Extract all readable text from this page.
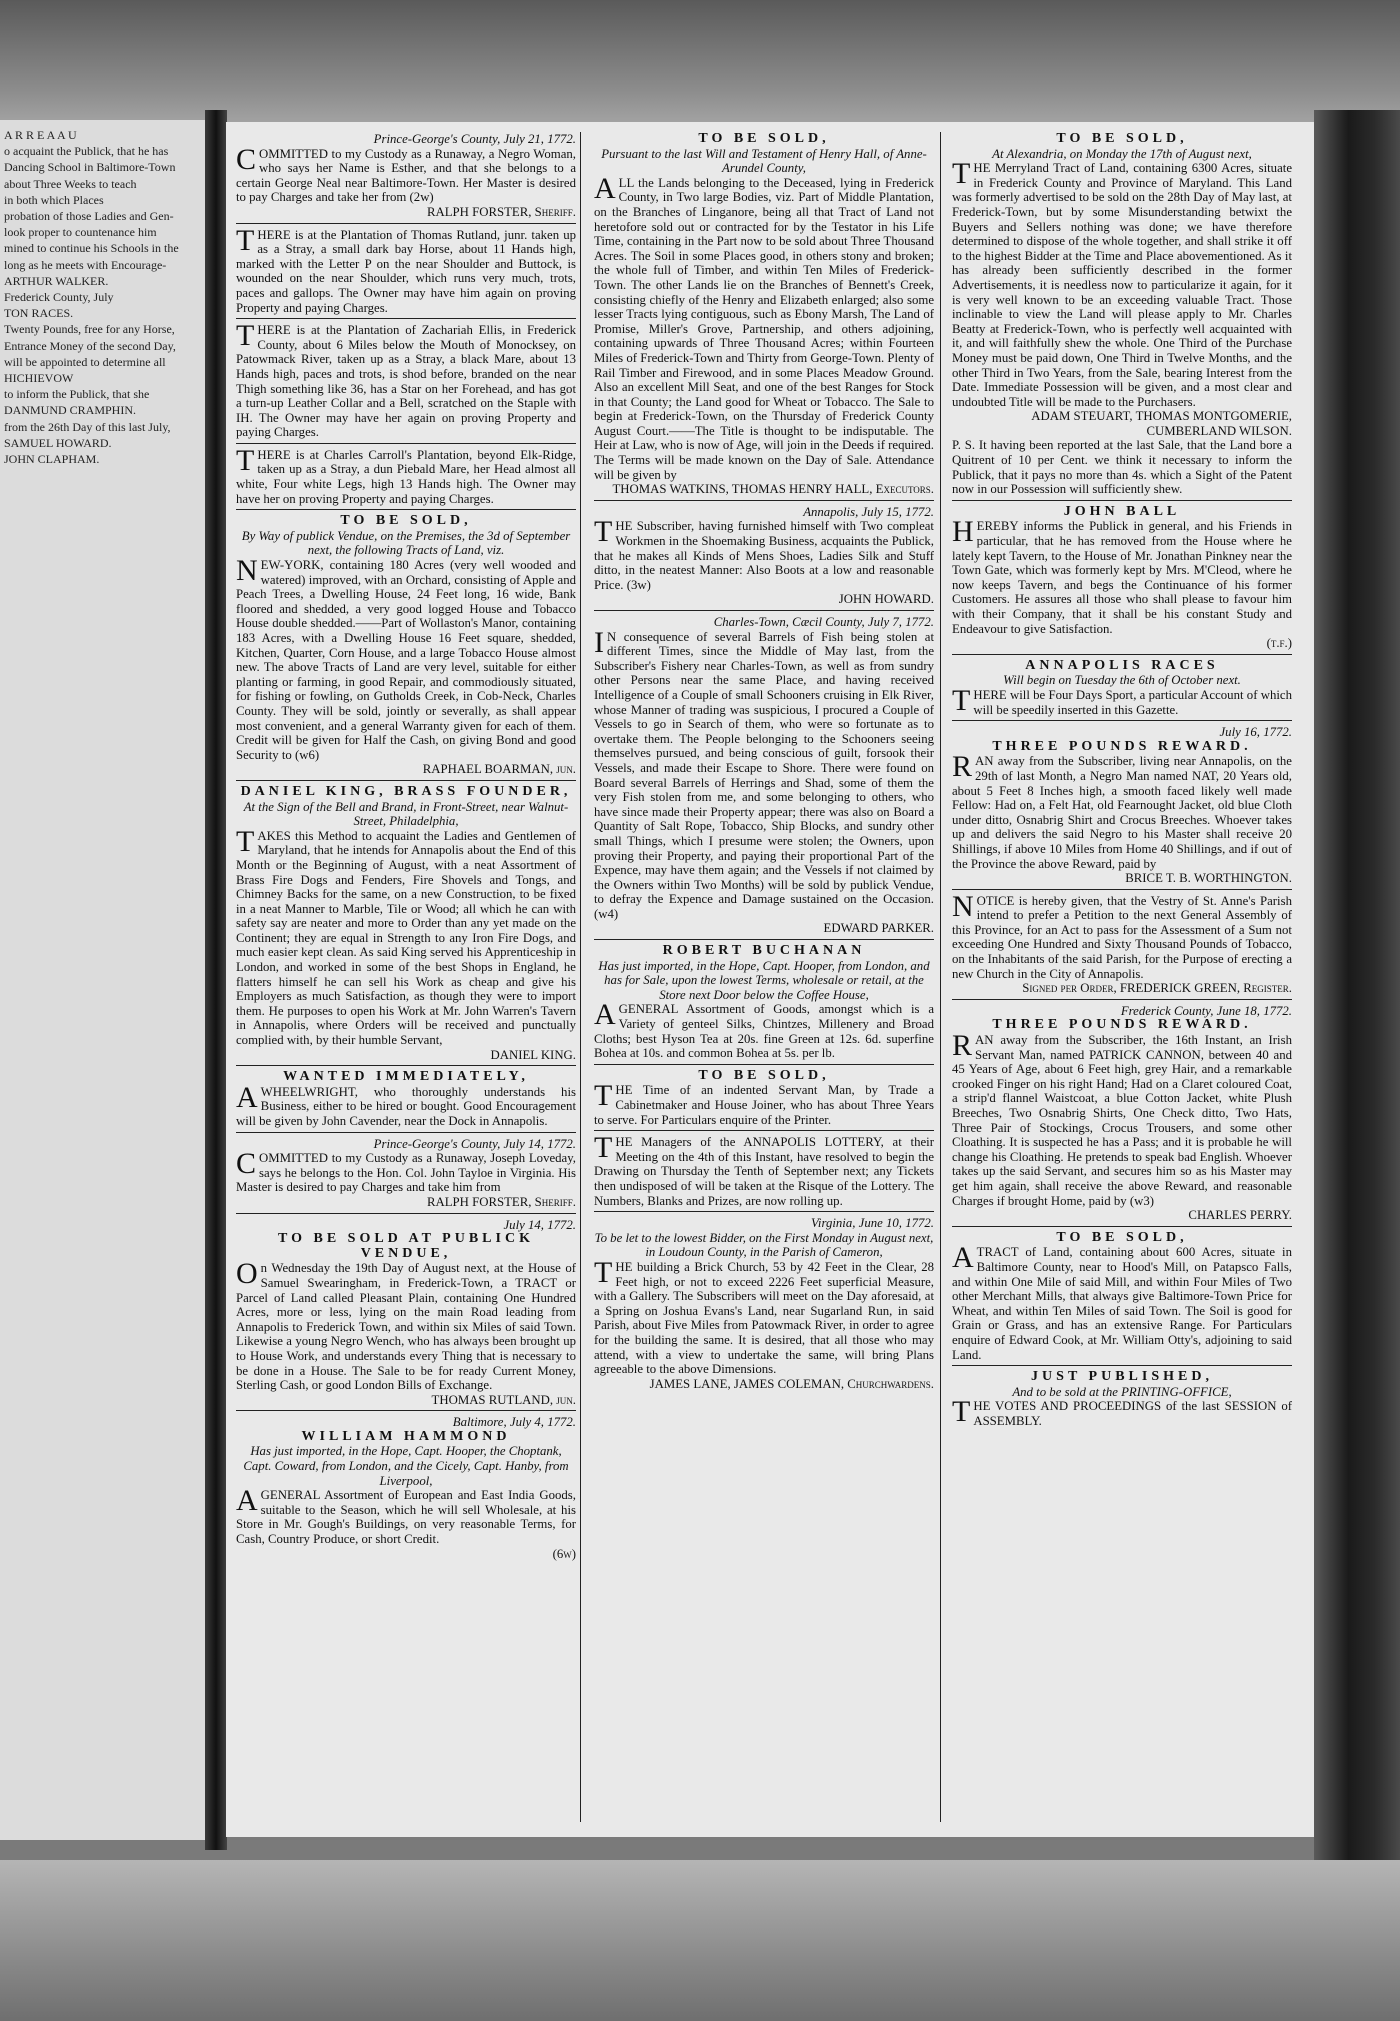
A R R E A A U

o acquaint the Publick, that he has

Dancing School in Baltimore-Town

about Three Weeks to teach

in both which Places

probation of those Ladies and Gen-

look proper to countenance him

mined to continue his Schools in the

long as he meets with Encourage-

ARTHUR WALKER.

Frederick County, July

TON RACES.

Twenty Pounds, free for any Horse,

Entrance Money of the second Day,

will be appointed to determine all

HICHIEVOW

to inform the Publick, that she

DANMUND CRAMPHIN.

from the 26th Day of this last July,

SAMUEL HOWARD.

JOHN CLAPHAM.

Prince-George's County, July 21, 1772.

COMMITTED to my Custody as a Runaway, a Negro Woman, who says her Name is Esther, and that she belongs to a certain George Neal near Baltimore-Town. Her Master is desired to pay Charges and take her from (2w)

RALPH FORSTER, Sheriff.

THERE is at the Plantation of Thomas Rutland, junr. taken up as a Stray, a small dark bay Horse, about 11 Hands high, marked with the Letter P on the near Shoulder and Buttock, is wounded on the near Shoulder, which runs very much, trots, paces and gallops. The Owner may have him again on proving Property and paying Charges.

THERE is at the Plantation of Zachariah Ellis, in Frederick County, about 6 Miles below the Mouth of Monocksey, on Patowmack River, taken up as a Stray, a black Mare, about 13 Hands high, paces and trots, is shod before, branded on the near Thigh something like 36, has a Star on her Forehead, and has got a turn-up Leather Collar and a Bell, scratched on the Staple with IH. The Owner may have her again on proving Property and paying Charges.

THERE is at Charles Carroll's Plantation, beyond Elk-Ridge, taken up as a Stray, a dun Piebald Mare, her Head almost all white, Four white Legs, high 13 Hands high. The Owner may have her on proving Property and paying Charges.

TO BE SOLD,

By Way of publick Vendue, on the Premises, the 3d of September next, the following Tracts of Land, viz.

NEW-YORK, containing 180 Acres (very well wooded and watered) improved, with an Orchard, consisting of Apple and Peach Trees, a Dwelling House, 24 Feet long, 16 wide, Bank floored and shedded, a very good logged House and Tobacco House double shedded.——Part of Wollaston's Manor, containing 183 Acres, with a Dwelling House 16 Feet square, shedded, Kitchen, Quarter, Corn House, and a large Tobacco House almost new. The above Tracts of Land are very level, suitable for either planting or farming, in good Repair, and commodiously situated, for fishing or fowling, on Gutholds Creek, in Cob-Neck, Charles County. They will be sold, jointly or severally, as shall appear most convenient, and a general Warranty given for each of them. Credit will be given for Half the Cash, on giving Bond and good Security to (w6)

RAPHAEL BOARMAN, jun.

DANIEL KING, BRASS FOUNDER,

At the Sign of the Bell and Brand, in Front-Street, near Walnut-Street, Philadelphia,

TAKES this Method to acquaint the Ladies and Gentlemen of Maryland, that he intends for Annapolis about the End of this Month or the Beginning of August, with a neat Assortment of Brass Fire Dogs and Fenders, Fire Shovels and Tongs, and Chimney Backs for the same, on a new Construction, to be fixed in a neat Manner to Marble, Tile or Wood; all which he can with safety say are neater and more to Order than any yet made on the Continent; they are equal in Strength to any Iron Fire Dogs, and much easier kept clean. As said King served his Apprenticeship in London, and worked in some of the best Shops in England, he flatters himself he can sell his Work as cheap and give his Employers as much Satisfaction, as though they were to import them. He purposes to open his Work at Mr. John Warren's Tavern in Annapolis, where Orders will be received and punctually complied with, by their humble Servant,

DANIEL KING.

WANTED IMMEDIATELY,

AWHEELWRIGHT, who thoroughly understands his Business, either to be hired or bought. Good Encouragement will be given by John Cavender, near the Dock in Annapolis.

Prince-George's County, July 14, 1772.

COMMITTED to my Custody as a Runaway, Joseph Loveday, says he belongs to the Hon. Col. John Tayloe in Virginia. His Master is desired to pay Charges and take him from

RALPH FORSTER, Sheriff.

July 14, 1772.

TO BE SOLD AT PUBLICK VENDUE,

On Wednesday the 19th Day of August next, at the House of Samuel Swearingham, in Frederick-Town, a TRACT or Parcel of Land called Pleasant Plain, containing One Hundred Acres, more or less, lying on the main Road leading from Annapolis to Frederick Town, and within six Miles of said Town. Likewise a young Negro Wench, who has always been brought up to House Work, and understands every Thing that is necessary to be done in a House. The Sale to be for ready Current Money, Sterling Cash, or good London Bills of Exchange.

THOMAS RUTLAND, jun.

Baltimore, July 4, 1772.

WILLIAM HAMMOND

Has just imported, in the Hope, Capt. Hooper, the Choptank, Capt. Coward, from London, and the Cicely, Capt. Hanby, from Liverpool,

AGENERAL Assortment of European and East India Goods, suitable to the Season, which he will sell Wholesale, at his Store in Mr. Gough's Buildings, on very reasonable Terms, for Cash, Country Produce, or short Credit.

(6w)

TO BE SOLD,

Pursuant to the last Will and Testament of Henry Hall, of Anne-Arundel County,

ALL the Lands belonging to the Deceased, lying in Frederick County, in Two large Bodies, viz. Part of Middle Plantation, on the Branches of Linganore, being all that Tract of Land not heretofore sold out or contracted for by the Testator in his Life Time, containing in the Part now to be sold about Three Thousand Acres. The Soil in some Places good, in others stony and broken; the whole full of Timber, and within Ten Miles of Frederick-Town. The other Lands lie on the Branches of Bennett's Creek, consisting chiefly of the Henry and Elizabeth enlarged; also some lesser Tracts lying contiguous, such as Ebony Marsh, The Land of Promise, Miller's Grove, Partnership, and others adjoining, containing upwards of Three Thousand Acres; within Fourteen Miles of Frederick-Town and Thirty from George-Town. Plenty of Rail Timber and Firewood, and in some Places Meadow Ground. Also an excellent Mill Seat, and one of the best Ranges for Stock in that County; the Land good for Wheat or Tobacco. The Sale to begin at Frederick-Town, on the Thursday of Frederick County August Court.——The Title is thought to be indisputable. The Heir at Law, who is now of Age, will join in the Deeds if required. The Terms will be made known on the Day of Sale. Attendance will be given by

THOMAS WATKINS, THOMAS HENRY HALL, Executors.

Annapolis, July 15, 1772.

THE Subscriber, having furnished himself with Two compleat Workmen in the Shoemaking Business, acquaints the Publick, that he makes all Kinds of Mens Shoes, Ladies Silk and Stuff ditto, in the neatest Manner: Also Boots at a low and reasonable Price. (3w)

JOHN HOWARD.

Charles-Town, Cæcil County, July 7, 1772.

IN consequence of several Barrels of Fish being stolen at different Times, since the Middle of May last, from the Subscriber's Fishery near Charles-Town, as well as from sundry other Persons near the same Place, and having received Intelligence of a Couple of small Schooners cruising in Elk River, whose Manner of trading was suspicious, I procured a Couple of Vessels to go in Search of them, who were so fortunate as to overtake them. The People belonging to the Schooners seeing themselves pursued, and being conscious of guilt, forsook their Vessels, and made their Escape to Shore. There were found on Board several Barrels of Herrings and Shad, some of them the very Fish stolen from me, and some belonging to others, who have since made their Property appear; there was also on Board a Quantity of Salt Rope, Tobacco, Ship Blocks, and sundry other small Things, which I presume were stolen; the Owners, upon proving their Property, and paying their proportional Part of the Expence, may have them again; and the Vessels if not claimed by the Owners within Two Months) will be sold by publick Vendue, to defray the Expence and Damage sustained on the Occasion. (w4)

EDWARD PARKER.

ROBERT BUCHANAN

Has just imported, in the Hope, Capt. Hooper, from London, and has for Sale, upon the lowest Terms, wholesale or retail, at the Store next Door below the Coffee House,

AGENERAL Assortment of Goods, amongst which is a Variety of genteel Silks, Chintzes, Millenery and Broad Cloths; best Hyson Tea at 20s. fine Green at 12s. 6d. superfine Bohea at 10s. and common Bohea at 5s. per lb.

TO BE SOLD,

THE Time of an indented Servant Man, by Trade a Cabinetmaker and House Joiner, who has about Three Years to serve. For Particulars enquire of the Printer.

THE Managers of the ANNAPOLIS LOTTERY, at their Meeting on the 4th of this Instant, have resolved to begin the Drawing on Thursday the Tenth of September next; any Tickets then undisposed of will be taken at the Risque of the Lottery. The Numbers, Blanks and Prizes, are now rolling up.

Virginia, June 10, 1772.

To be let to the lowest Bidder, on the First Monday in August next, in Loudoun County, in the Parish of Cameron,

THE building a Brick Church, 53 by 42 Feet in the Clear, 28 Feet high, or not to exceed 2226 Feet superficial Measure, with a Gallery. The Subscribers will meet on the Day aforesaid, at a Spring on Joshua Evans's Land, near Sugarland Run, in said Parish, about Five Miles from Patowmack River, in order to agree for the building the same. It is desired, that all those who may attend, with a view to undertake the same, will bring Plans agreeable to the above Dimensions.

JAMES LANE, JAMES COLEMAN, Churchwardens.

TO BE SOLD,

At Alexandria, on Monday the 17th of August next,

THE Merryland Tract of Land, containing 6300 Acres, situate in Frederick County and Province of Maryland. This Land was formerly advertised to be sold on the 28th Day of May last, at Frederick-Town, but by some Misunderstanding betwixt the Buyers and Sellers nothing was done; we have therefore determined to dispose of the whole together, and shall strike it off to the highest Bidder at the Time and Place abovementioned. As it has already been sufficiently described in the former Advertisements, it is needless now to particularize it again, for it is very well known to be an exceeding valuable Tract. Those inclinable to view the Land will please apply to Mr. Charles Beatty at Frederick-Town, who is perfectly well acquainted with it, and will faithfully shew the whole. One Third of the Purchase Money must be paid down, One Third in Twelve Months, and the other Third in Two Years, from the Sale, bearing Interest from the Date. Immediate Possession will be given, and a most clear and undoubted Title will be made to the Purchasers.

ADAM STEUART, THOMAS MONTGOMERIE, CUMBERLAND WILSON.

P. S. It having been reported at the last Sale, that the Land bore a Quitrent of 10 per Cent. we think it necessary to inform the Publick, that it pays no more than 4s. which a Sight of the Patent now in our Possession will sufficiently shew.

JOHN BALL

HEREBY informs the Publick in general, and his Friends in particular, that he has removed from the House where he lately kept Tavern, to the House of Mr. Jonathan Pinkney near the Town Gate, which was formerly kept by Mrs. M'Cleod, where he now keeps Tavern, and begs the Continuance of his former Customers. He assures all those who shall please to favour him with their Company, that it shall be his constant Study and Endeavour to give Satisfaction.

(t.f.)

ANNAPOLIS RACES

Will begin on Tuesday the 6th of October next.

THERE will be Four Days Sport, a particular Account of which will be speedily inserted in this Gazette.

July 16, 1772.

THREE POUNDS REWARD.

RAN away from the Subscriber, living near Annapolis, on the 29th of last Month, a Negro Man named NAT, 20 Years old, about 5 Feet 8 Inches high, a smooth faced likely well made Fellow: Had on, a Felt Hat, old Fearnought Jacket, old blue Cloth under ditto, Osnabrig Shirt and Crocus Breeches. Whoever takes up and delivers the said Negro to his Master shall receive 20 Shillings, if above 10 Miles from Home 40 Shillings, and if out of the Province the above Reward, paid by

BRICE T. B. WORTHINGTON.

NOTICE is hereby given, that the Vestry of St. Anne's Parish intend to prefer a Petition to the next General Assembly of this Province, for an Act to pass for the Assessment of a Sum not exceeding One Hundred and Sixty Thousand Pounds of Tobacco, on the Inhabitants of the said Parish, for the Purpose of erecting a new Church in the City of Annapolis.

Signed per Order, FREDERICK GREEN, Register.

Frederick County, June 18, 1772.

THREE POUNDS REWARD.

RAN away from the Subscriber, the 16th Instant, an Irish Servant Man, named PATRICK CANNON, between 40 and 45 Years of Age, about 6 Feet high, grey Hair, and a remarkable crooked Finger on his right Hand; Had on a Claret coloured Coat, a strip'd flannel Waistcoat, a blue Cotton Jacket, white Plush Breeches, Two Osnabrig Shirts, One Check ditto, Two Hats, Three Pair of Stockings, Crocus Trousers, and some other Cloathing. It is suspected he has a Pass; and it is probable he will change his Cloathing. He pretends to speak bad English. Whoever takes up the said Servant, and secures him so as his Master may get him again, shall receive the above Reward, and reasonable Charges if brought Home, paid by (w3)

CHARLES PERRY.

TO BE SOLD,

ATRACT of Land, containing about 600 Acres, situate in Baltimore County, near to Hood's Mill, on Patapsco Falls, and within One Mile of said Mill, and within Four Miles of Two other Merchant Mills, that always give Baltimore-Town Price for Wheat, and within Ten Miles of said Town. The Soil is good for Grain or Grass, and has an extensive Range. For Particulars enquire of Edward Cook, at Mr. William Otty's, adjoining to said Land.

JUST PUBLISHED,

And to be sold at the PRINTING-OFFICE,

THE VOTES AND PROCEEDINGS of the last SESSION of ASSEMBLY.
